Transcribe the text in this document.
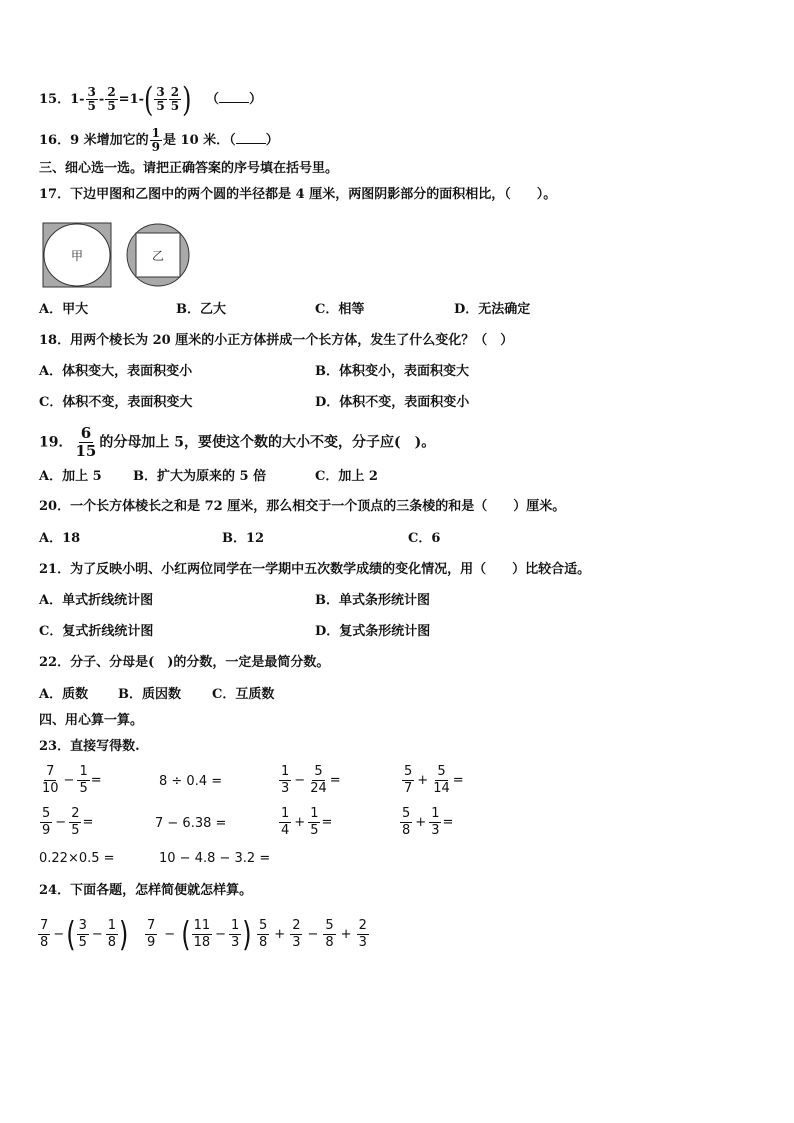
15．$1- \frac{3}{5} - \frac{2}{5} =1-( \frac{3}{5} \frac{2}{5}$ ) （ ）
16．9 米增加它的 $\frac{1}{9}$ 是 10 米．（ ）
三、细心选一选。请把正确答案的序号填在括号里。
17．下边甲图和乙图中的两个圆的半径都是 4 厘米，两图阴影部分的面积相比，（　　）。
甲	乙
A．甲大	B．乙大	C．相等	D．无法确定
18．用两个棱长为 20 厘米的小正方体拼成一个长方体，发生了什么变化？（　）
A．体积变大，表面积变小	B．体积变小，表面积变大
C．体积不变，表面积变大	D．体积不变，表面积变小
19． $\frac{6}{15}$ 的分母加上 5，要使这个数的大小不变，分子应(　)。
A．加上 5 B．扩大为原来的 5 倍	C．加上 2
20．一个长方体棱长之和是 72 厘米，那么相交于一个顶点的三条棱的和是（　　）厘米。
A．18	B．12	C．6
21．为了反映小明、小红两位同学在一学期中五次数学成绩的变化情况，用（　　）比较合适。
A．单式折线统计图	B．单式条形统计图
C．复式折线统计图	D．复式条形统计图
22．分子、分母是(　)的分数，一定是最简分数。
A．质数 B．质因数 C．互质数
四、用心算一算。
23．直接写得数.
$\frac{7}{10} - \frac{1}{5}$ =	8 ÷ 0.4 =	$\frac{1}{3} - \frac{5}{24}$ =	$\frac{5}{7} + \frac{5}{14}$ =
$\frac{5}{9} - \frac{2}{5}$ =	7 − 6.38 =	$\frac{1}{4} + \frac{1}{5}$ =	$\frac{5}{8} + \frac{1}{3}$ =
0.22×0.5 =	10 − 4.8 − 3.2 =
24．下面各题，怎样简便就怎样算。
$\frac{7}{8}$ − ( $\frac{3}{5} - \frac{1}{8}$ ) $\frac{7}{9}$ − ( $\frac{11}{18} - \frac{1}{3}$ ) $\frac{5}{8} + \frac{2}{3} - \frac{5}{8} + \frac{2}{3}$
